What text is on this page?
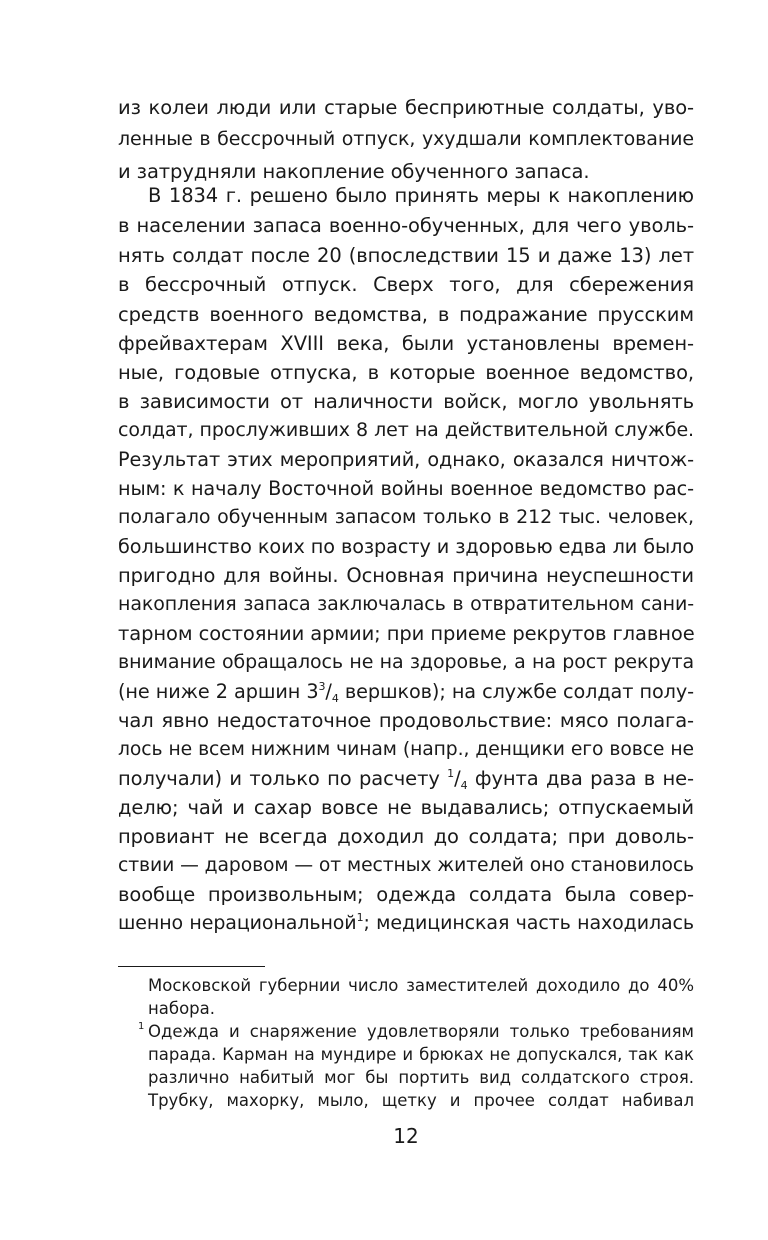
из колеи люди или старые бесприютные солдаты, уво-
ленные в бессрочный отпуск, ухудшали комплектование
и затрудняли накопление обученного запаса.
В 1834 г. решено было принять меры к накоплению
в населении запаса военно-обученных, для чего уволь-
нять солдат после 20 (впоследствии 15 и даже 13) лет
в бессрочный отпуск. Сверх того, для сбережения
средств военного ведомства, в подражание прусским
фрейвахтерам XVIII века, были установлены времен-
ные, годовые отпуска, в которые военное ведомство,
в зависимости от наличности войск, могло увольнять
солдат, прослуживших 8 лет на действительной службе.
Результат этих мероприятий, однако, оказался ничтож-
ным: к началу Восточной войны военное ведомство рас-
полагало обученным запасом только в 212 тыс. человек,
большинство коих по возрасту и здоровью едва ли было
пригодно для войны. Основная причина неуспешности
накопления запаса заключалась в отвратительном сани-
тарном состоянии армии; при приеме рекрутов главное
внимание обращалось не на здоровье, а на рост рекрута
(не ниже 2 аршин $3^3/_4$ вершков); на службе солдат полу-
чал явно недостаточное продовольствие: мясо полага-
лось не всем нижним чинам (напр., денщики его вовсе не
получали) и только по расчету $^1/_4$ фунта два раза в не-
делю; чай и сахар вовсе не выдавались; отпускаемый
провиант не всегда доходил до солдата; при доволь-
ствии — даровом — от местных жителей оно становилось
вообще произвольным; одежда солдата была совер-
шенно нерациональной$^1$; медицинская часть находилась
Московской губернии число заместителей доходило до 40%
набора.
1 Одежда и снаряжение удовлетворяли только требованиям
парада. Карман на мундире и брюках не допускался, так как
различно набитый мог бы портить вид солдатского строя.
Трубку, махорку, мыло, щетку и прочее солдат набивал
12
